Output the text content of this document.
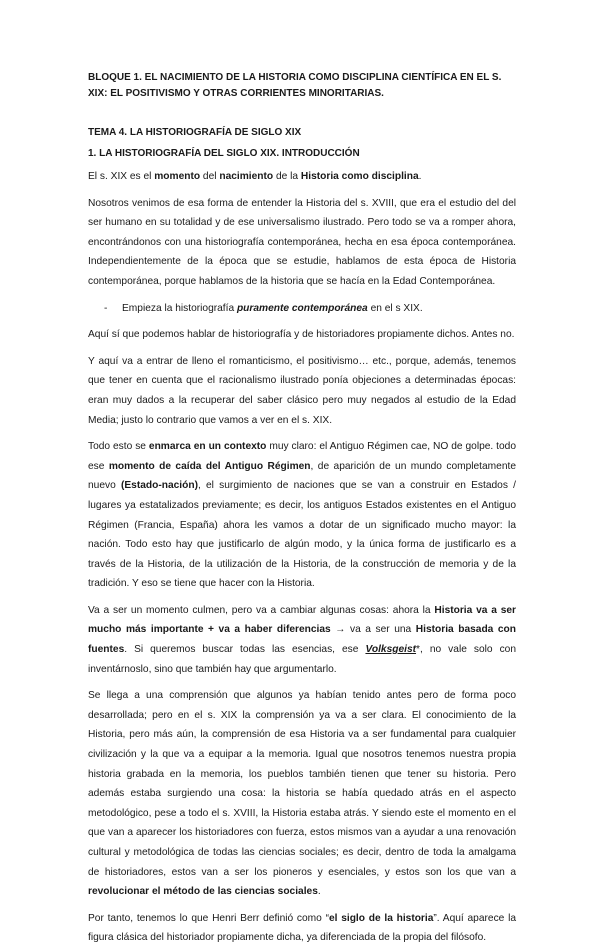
BLOQUE 1. EL NACIMIENTO DE LA HISTORIA COMO DISCIPLINA CIENTÍFICA EN EL S. XIX: EL POSITIVISMO Y OTRAS CORRIENTES MINORITARIAS.
TEMA 4. LA HISTORIOGRAFÍA DE SIGLO XIX
1. LA HISTORIOGRAFÍA DEL SIGLO XIX. INTRODUCCIÓN

El s. XIX es el momento del nacimiento de la Historia como disciplina.

Nosotros venimos de esa forma de entender la Historia del s. XVIII, que era el estudio del del ser humano en su totalidad y de ese universalismo ilustrado. Pero todo se va a romper ahora, encontrándonos con una historiografía contemporánea, hecha en esa época contemporánea. Independientemente de la época que se estudie, hablamos de esta época de Historia contemporánea, porque hablamos de la historia que se hacía en la Edad Contemporánea.

-	Empieza la historiografía puramente contemporánea en el s XIX.

Aquí sí que podemos hablar de historiografía y de historiadores propiamente dichos. Antes no.

Y aquí va a entrar de lleno el romanticismo, el positivismo… etc., porque, además, tenemos que tener en cuenta que el racionalismo ilustrado ponía objeciones a determinadas épocas: eran muy dados a la recuperar del saber clásico pero muy negados al estudio de la Edad Media; justo lo contrario que vamos a ver en el s. XIX.

Todo esto se enmarca en un contexto muy claro: el Antiguo Régimen cae, NO de golpe. todo ese momento de caída del Antiguo Régimen, de aparición de un mundo completamente nuevo (Estado-nación), el surgimiento de naciones que se van a construir en Estados / lugares ya estatalizados previamente; es decir, los antiguos Estados existentes en el Antiguo Régimen (Francia, España) ahora les vamos a dotar de un significado mucho mayor: la nación. Todo esto hay que justificarlo de algún modo, y la única forma de justificarlo es a través de la Historia, de la utilización de la Historia, de la construcción de memoria y de la tradición. Y eso se tiene que hacer con la Historia.

Va a ser un momento culmen, pero va a cambiar algunas cosas: ahora la Historia va a ser mucho más importante + va a haber diferencias → va a ser una Historia basada con fuentes. Si queremos buscar todas las esencias, ese Volksgeist*, no vale solo con inventárnoslo, sino que también hay que argumentarlo.

Se llega a una comprensión que algunos ya habían tenido antes pero de forma poco desarrollada; pero en el s. XIX la comprensión ya va a ser clara. El conocimiento de la Historia, pero más aún, la comprensión de esa Historia va a ser fundamental para cualquier civilización y la que va a equipar a la memoria. Igual que nosotros tenemos nuestra propia historia grabada en la memoria, los pueblos también tienen que tener su historia. Pero además estaba surgiendo una cosa: la historia se había quedado atrás en el aspecto metodológico, pese a todo el s. XVIII, la Historia estaba atrás. Y siendo este el momento en el que van a aparecer los historiadores con fuerza, estos mismos van a ayudar a una renovación cultural y metodológica de todas las ciencias sociales; es decir, dentro de toda la amalgama de historiadores, estos van a ser los pioneros y esenciales, y estos son los que van a revolucionar el método de las ciencias sociales.

Por tanto, tenemos lo que Henri Berr definió como “el siglo de la historia”. Aquí aparece la figura clásica del historiador propiamente dicha, ya diferenciada de la propia del filósofo.
